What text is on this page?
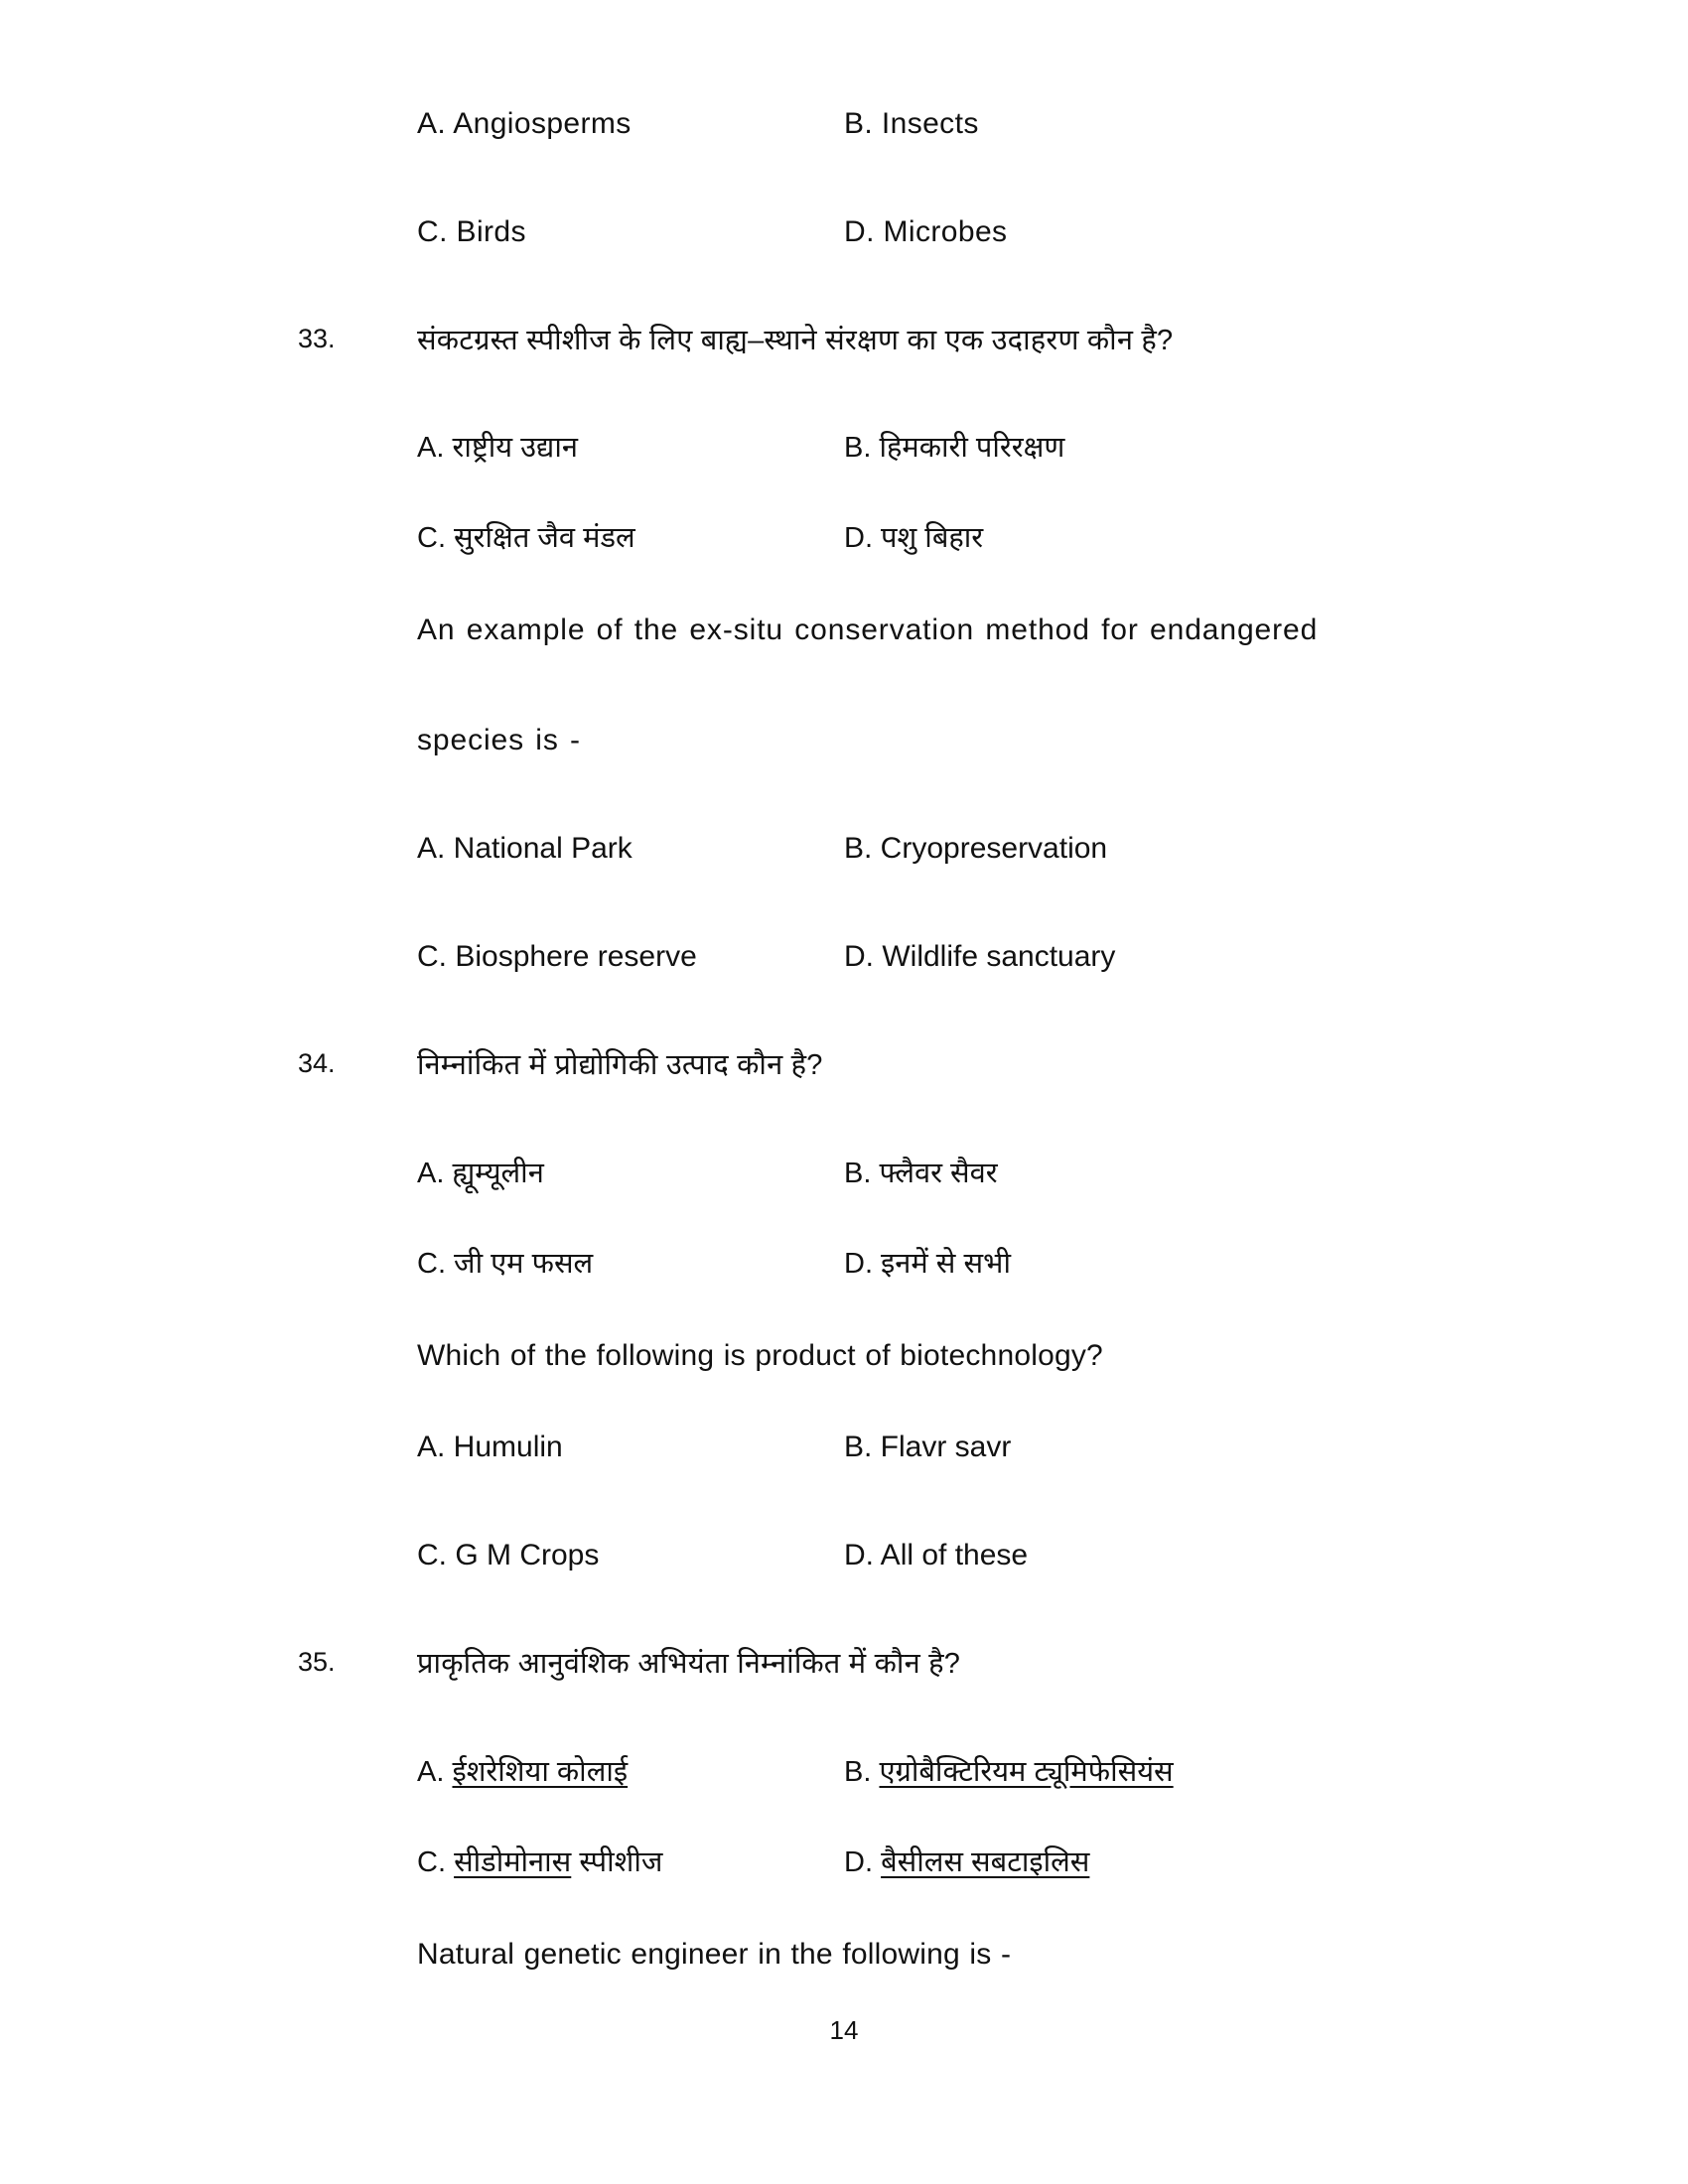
A. Angiosperms	B. Insects
C. Birds	D. Microbes
33.	संकटग्रस्त स्पीशीज के लिए बाह्य–स्थाने संरक्षण का एक उदाहरण कौन है?
A. राष्ट्रीय उद्यान	B. हिमकारी परिरक्षण
C. सुरक्षित जैव मंडल	D. पशु बिहार
An example of the ex-situ conservation method for endangered
species is -
A. National Park	B. Cryopreservation
C. Biosphere reserve	D. Wildlife sanctuary
34.	निम्नांकित में प्रोद्योगिकी उत्पाद कौन है?
A. ह्यूम्यूलीन	B. फ्लैवर सैवर
C. जी एम फसल	D. इनमें से सभी
Which of the following is product of biotechnology?
A. Humulin	B. Flavr savr
C. G M Crops	D. All of these
35.	प्राकृतिक आनुवंशिक अभियंता निम्नांकित में कौन है?
A. ईशरेशिया कोलाई	B. एग्रोबैक्टिरियम ट्यूमिफेसियंस
C. सीडोमोनास स्पीशीज	D. बैसीलस सबटाइलिस
Natural genetic engineer in the following is -
14
